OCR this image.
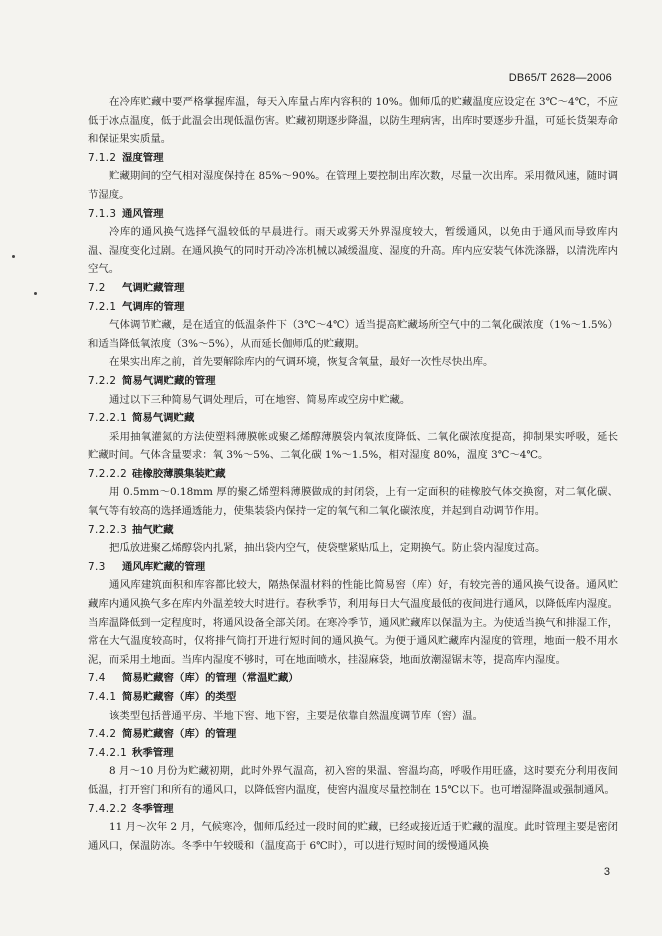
DB65/T 2628—2006

在冷库贮藏中要严格掌握库温，每天入库量占库内容积的 10%。伽师瓜的贮藏温度应设定在 3℃～4℃，不应低于冰点温度，低于此温会出现低温伤害。贮藏初期逐步降温，以防生理病害，出库时要逐步升温，可延长货架寿命和保证果实质量。

7.1.2 湿度管理

贮藏期间的空气相对湿度保持在 85%～90%。在管理上要控制出库次数，尽量一次出库。采用微风速，随时调节湿度。

7.1.3 通风管理

冷库的通风换气选择气温较低的早晨进行。雨天或雾天外界湿度较大，暂缓通风，以免由于通风而导致库内温、湿度变化过剧。在通风换气的同时开动冷冻机械以减缓温度、湿度的升高。库内应安装气体洗涤器，以清洗库内空气。

7.2 气调贮藏管理
7.2.1 气调库的管理

气体调节贮藏，是在适宜的低温条件下（3℃～4℃）适当提高贮藏场所空气中的二氧化碳浓度（1%～1.5%）和适当降低氧浓度（3%～5%），从而延长伽师瓜的贮藏期。

在果实出库之前，首先要解除库内的气调环境，恢复含氧量，最好一次性尽快出库。

7.2.2 简易气调贮藏的管理

通过以下三种简易气调处理后，可在地窖、简易库或空房中贮藏。

7.2.2.1 简易气调贮藏

采用抽氧灌氮的方法使塑料薄膜帐或聚乙烯醇薄膜袋内氧浓度降低、二氧化碳浓度提高，抑制果实呼吸，延长贮藏时间。气体含量要求：氧 3%～5%、二氧化碳 1%～1.5%，相对湿度 80%，温度 3℃～4℃。

7.2.2.2 硅橡胶薄膜集装贮藏

用 0.5mm～0.18mm 厚的聚乙烯塑料薄膜做成的封闭袋，上有一定面积的硅橡胶气体交换窗，对二氧化碳、氧气等有较高的选择通透能力，使集装袋内保持一定的氧气和二氧化碳浓度，并起到自动调节作用。

7.2.2.3 抽气贮藏

把瓜放进聚乙烯醇袋内扎紧，抽出袋内空气，使袋壁紧贴瓜上，定期换气。防止袋内湿度过高。

7.3 通风库贮藏的管理

通风库建筑面积和库容都比较大，隔热保温材料的性能比简易窖（库）好，有较完善的通风换气设备。通风贮藏库内通风换气多在库内外温差较大时进行。春秋季节，利用每日大气温度最低的夜间进行通风，以降低库内湿度。当库温降低到一定程度时，将通风设备全部关闭。在寒冷季节，通风贮藏库以保温为主。为使适当换气和排湿工作，常在大气温度较高时，仅将排气筒打开进行短时间的通风换气。为便于通风贮藏库内湿度的管理，地面一般不用水泥，而采用土地面。当库内湿度不够时，可在地面喷水，挂湿麻袋，地面放潮湿锯末等，提高库内湿度。

7.4 简易贮藏窖（库）的管理（常温贮藏）
7.4.1 简易贮藏窖（库）的类型

该类型包括普通平房、半地下窖、地下窖，主要是依靠自然温度调节库（窖）温。

7.4.2 简易贮藏窖（库）的管理
7.4.2.1 秋季管理

8 月～10 月份为贮藏初期，此时外界气温高，初入窖的果温、窖温均高，呼吸作用旺盛，这时要充分利用夜间低温，打开窖门和所有的通风口，以降低窖内温度，使窖内温度尽量控制在 15℃以下。也可增湿降温或强制通风。

7.4.2.2 冬季管理

11 月～次年 2 月，气候寒冷，伽师瓜经过一段时间的贮藏，已经或接近适于贮藏的温度。此时管理主要是密闭通风口，保温防冻。冬季中午较暖和（温度高于 6℃时），可以进行短时间的缓慢通风换

3
